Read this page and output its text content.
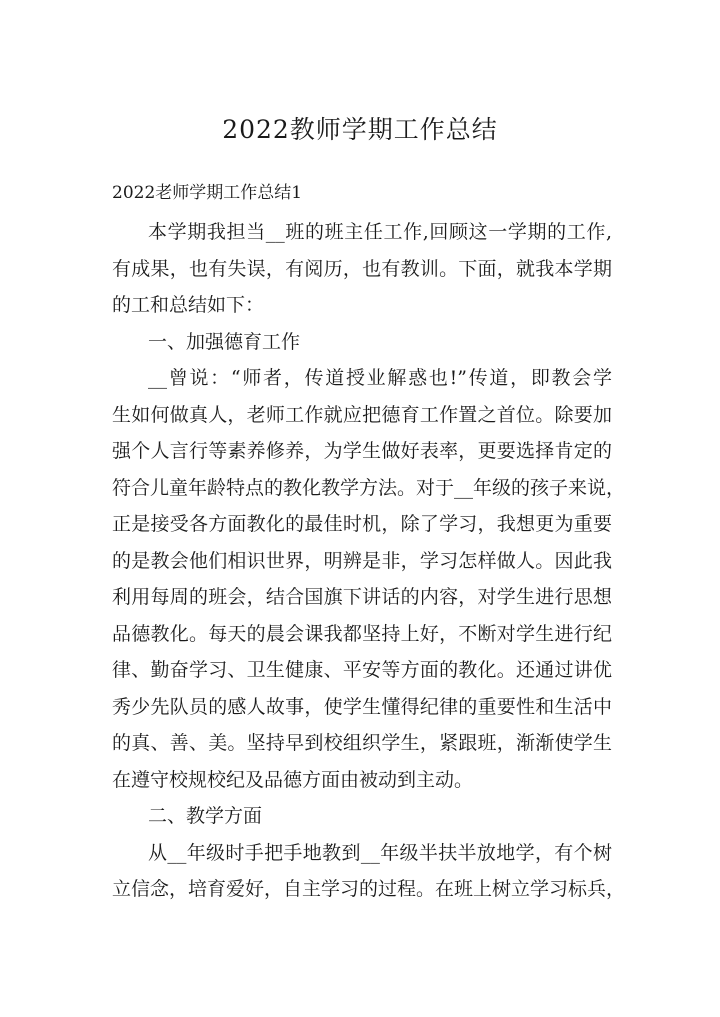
2022教师学期工作总结

2022老师学期工作总结1

本学期我担当__班的班主任工作,回顾这一学期的工作,

有成果，也有失误，有阅历，也有教训。下面，就我本学期

的工和总结如下：

一、加强德育工作

__曾说：“师者，传道授业解惑也!”传道，即教会学

生如何做真人，老师工作就应把德育工作置之首位。除要加

强个人言行等素养修养，为学生做好表率，更要选择肯定的

符合儿童年龄特点的教化教学方法。对于__年级的孩子来说，

正是接受各方面教化的最佳时机，除了学习，我想更为重要

的是教会他们相识世界，明辨是非，学习怎样做人。因此我

利用每周的班会，结合国旗下讲话的内容，对学生进行思想

品德教化。每天的晨会课我都坚持上好，不断对学生进行纪

律、勤奋学习、卫生健康、平安等方面的教化。还通过讲优

秀少先队员的感人故事，使学生懂得纪律的重要性和生活中

的真、善、美。坚持早到校组织学生，紧跟班，渐渐使学生

在遵守校规校纪及品德方面由被动到主动。

二、教学方面

从__年级时手把手地教到__年级半扶半放地学，有个树

立信念，培育爱好，自主学习的过程。在班上树立学习标兵，
